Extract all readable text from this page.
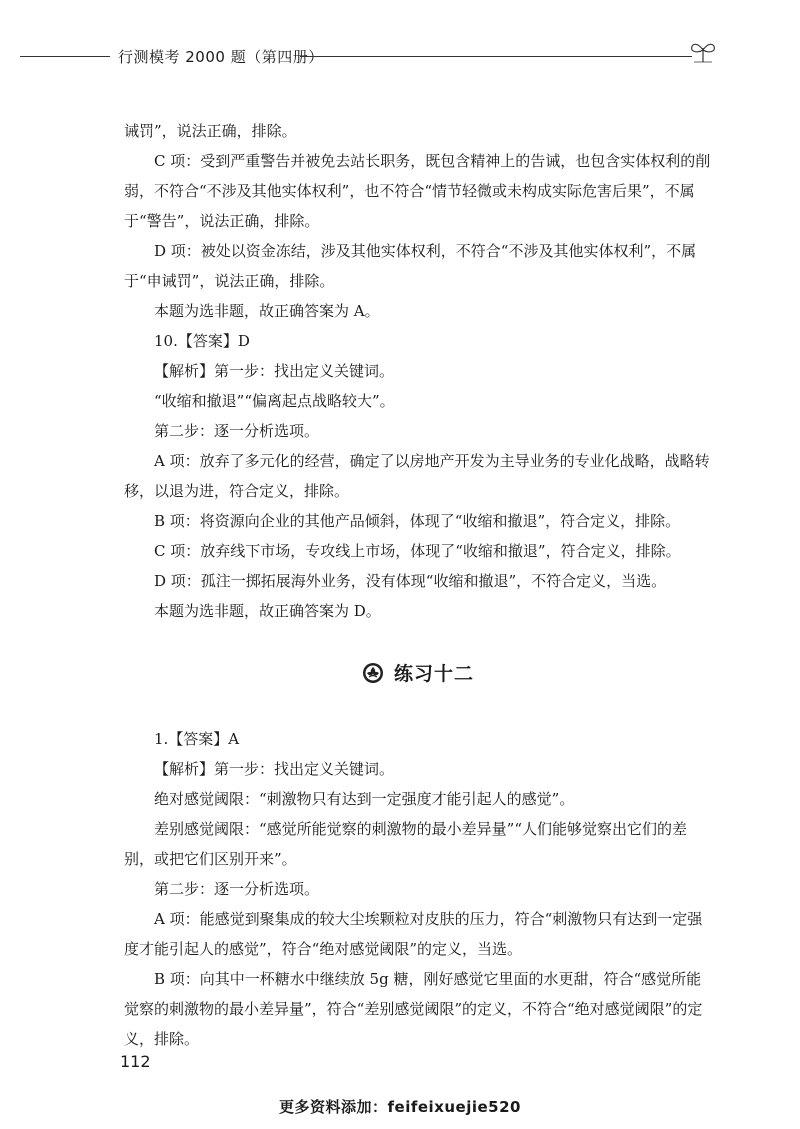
行测模考 2000 题（第四册）

诫罚”，说法正确，排除。

C 项：受到严重警告并被免去站长职务，既包含精神上的告诫，也包含实体权利的削弱，不符合“不涉及其他实体权利”，也不符合“情节轻微或未构成实际危害后果”，不属于“警告”，说法正确，排除。

D 项：被处以资金冻结，涉及其他实体权利，不符合“不涉及其他实体权利”，不属于“申诫罚”，说法正确，排除。

本题为选非题，故正确答案为 A。

10.【答案】D

【解析】第一步：找出定义关键词。

“收缩和撤退”“偏离起点战略较大”。

第二步：逐一分析选项。

A 项：放弃了多元化的经营，确定了以房地产开发为主导业务的专业化战略，战略转移，以退为进，符合定义，排除。

B 项：将资源向企业的其他产品倾斜，体现了“收缩和撤退”，符合定义，排除。

C 项：放弃线下市场，专攻线上市场，体现了“收缩和撤退”，符合定义，排除。

D 项：孤注一掷拓展海外业务，没有体现“收缩和撤退”，不符合定义，当选。

本题为选非题，故正确答案为 D。

练习十二

1.【答案】A

【解析】第一步：找出定义关键词。

绝对感觉阈限：“刺激物只有达到一定强度才能引起人的感觉”。

差别感觉阈限：“感觉所能觉察的刺激物的最小差异量”“人们能够觉察出它们的差别，或把它们区别开来”。

第二步：逐一分析选项。

A 项：能感觉到聚集成的较大尘埃颗粒对皮肤的压力，符合“刺激物只有达到一定强度才能引起人的感觉”，符合“绝对感觉阈限”的定义，当选。

B 项：向其中一杯糖水中继续放 5g 糖，刚好感觉它里面的水更甜，符合“感觉所能觉察的刺激物的最小差异量”，符合“差别感觉阈限”的定义，不符合“绝对感觉阈限”的定义，排除。

112
更多资料添加：feifeixuejie520
